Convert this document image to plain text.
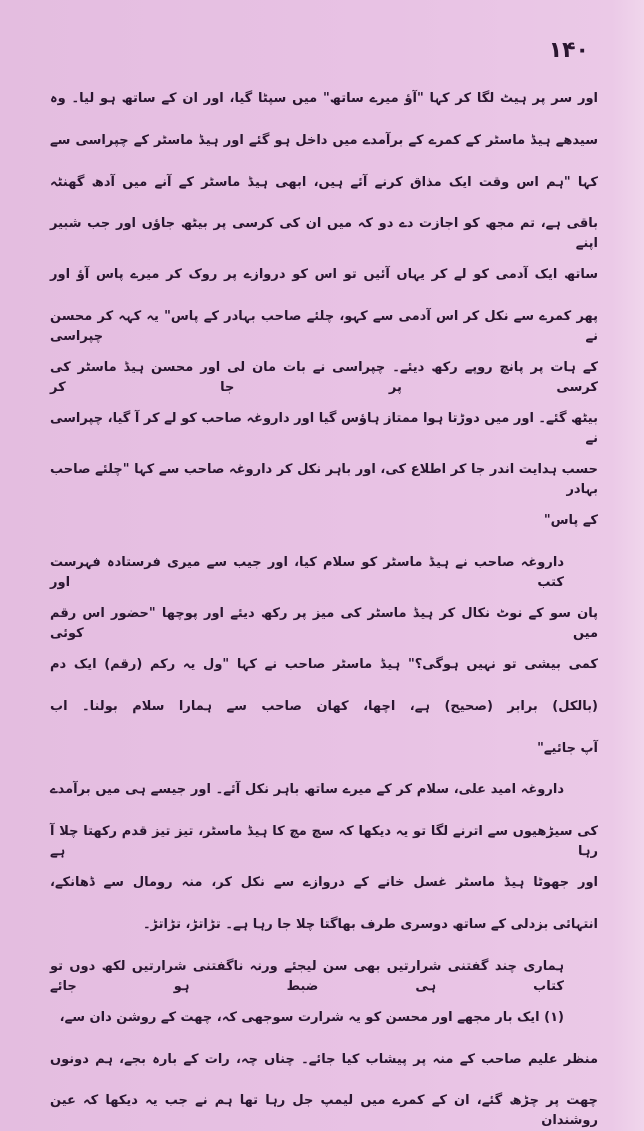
۱۴۰
اور سر پر ہیٹ لگا کر کہا "آؤ میرے ساتھ" میں سپٹا گیا، اور ان کے ساتھ ہو لیا۔ وہ
سیدھے ہیڈ ماسٹر کے کمرے کے برآمدے میں داخل ہو گئے اور ہیڈ ماسٹر کے چپراسی سے
کہا "ہم اس وقت ایک مذاق کرنے آئے ہیں، ابھی ہیڈ ماسٹر کے آنے میں آدھ گھنٹہ
باقی ہے، تم مجھ کو اجازت دے دو کہ میں ان کی کرسی پر بیٹھ جاؤں اور جب شبیر اپنے
ساتھ ایک آدمی کو لے کر یہاں آئیں تو اس کو دروازے پر روک کر میرے پاس آؤ اور
پھر کمرے سے نکل کر اس آدمی سے کہو، چلئے صاحب بہادر کے پاس" یہ کہہ کر محسن نے چپراسی
کے ہات پر پانچ روپے رکھ دیئے۔ چپراسی نے بات مان لی اور محسن ہیڈ ماسٹر کی کرسی پر جا کر
بیٹھ گئے۔ اور میں دوڑتا ہوا ممتاز ہاؤس گیا اور داروغہ صاحب کو لے کر آ گیا، چپراسی نے
حسب ہدایت اندر جا کر اطلاع کی، اور باہر نکل کر داروغہ صاحب سے کہا "چلئے صاحب بہادر
کے پاس"
داروغہ صاحب نے ہیڈ ماسٹر کو سلام کیا، اور جیب سے میری فرستادہ فہرست کتب اور
پان سو کے نوٹ نکال کر ہیڈ ماسٹر کی میز پر رکھ دیئے اور پوچھا "حضور اس رقم میں کوئی
کمی بیشی تو نہیں ہوگی؟" ہیڈ ماسٹر صاحب نے کہا "ول یہ رکم (رقم) ایک دم
(بالکل) برابر (صحیح) ہے، اچھا، کھان صاحب سے ہمارا سلام بولنا۔ اب
آپ جائیے"
داروغہ امید علی، سلام کر کے میرے ساتھ باہر نکل آئے۔ اور جیسے ہی میں برآمدے
کی سیڑھیوں سے اترنے لگا تو یہ دیکھا کہ سچ مچ کا ہیڈ ماسٹر، تیز تیز قدم رکھتا چلا آ رہا ہے
اور جھوٹا ہیڈ ماسٹر غسل خانے کے دروازے سے نکل کر، منہ رومال سے ڈھانکے،
انتہائی بزدلی کے ساتھ دوسری طرف بھاگتا چلا جا رہا ہے۔ تڑاتڑ، تڑاتڑ۔
ہماری چند گفتنی شرارتیں بھی سن لیجئے ورنہ ناگفتنی شرارتیں لکھ دوں تو کتاب ہی ضبط ہو جائے
(۱) ایک بار مجھے اور محسن کو یہ شرارت سوجھی کہ، چھت کے روشن دان سے،
منظر علیم صاحب کے منہ پر پیشاب کیا جائے۔ چناں چہ، رات کے بارہ بجے، ہم دونوں
چھت پر چڑھ گئے، ان کے کمرے میں لیمپ جل رہا تھا ہم نے جب یہ دیکھا کہ عین روشندان
